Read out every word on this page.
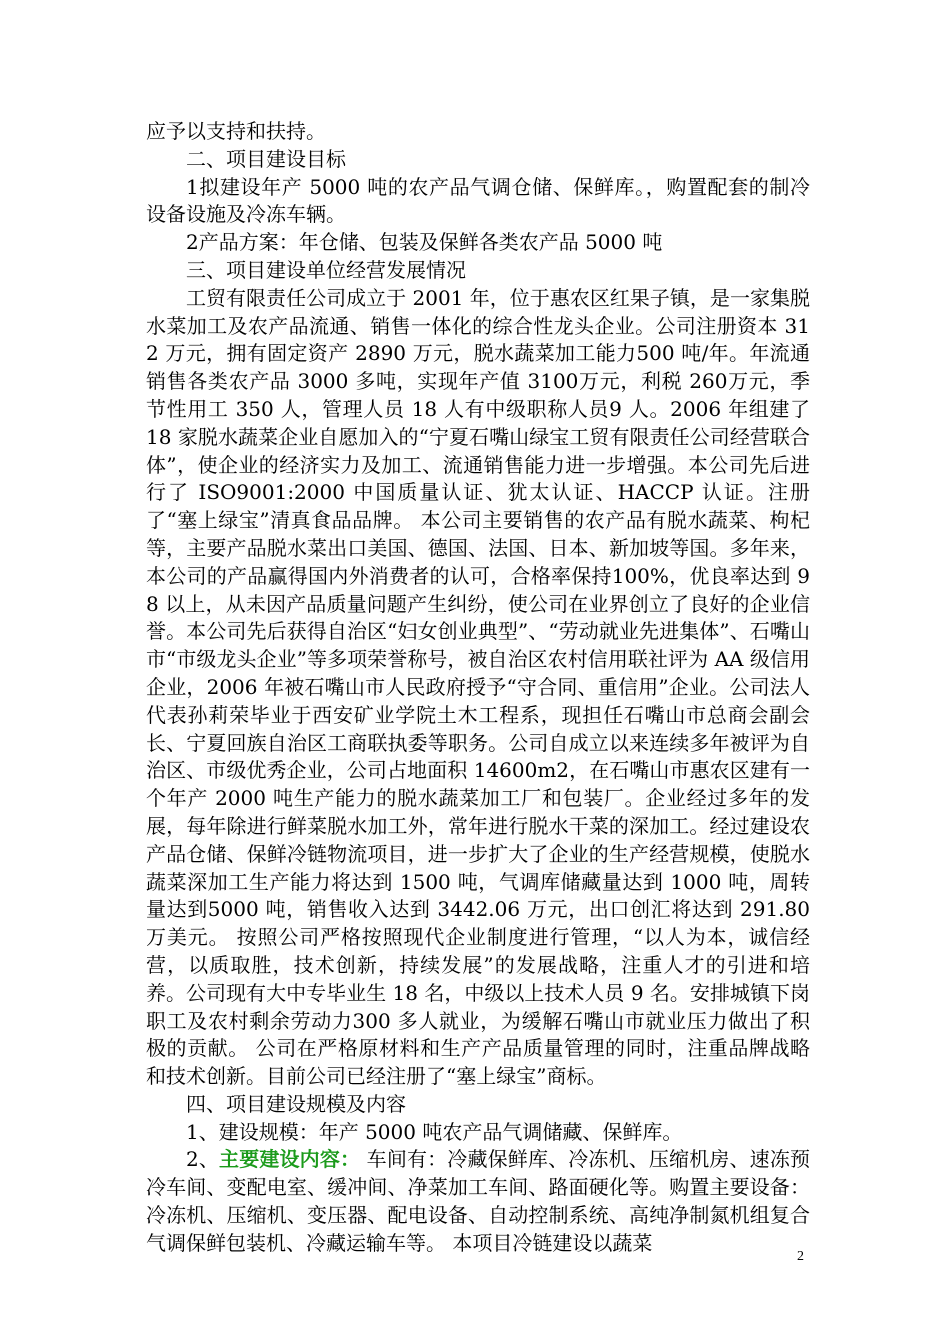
应予以支持和扶持。

二、项目建设目标

1拟建设年产 5000 吨的农产品气调仓储、保鲜库。，购置配套的制冷设备设施及冷冻车辆。

2产品方案：年仓储、包装及保鲜各类农产品 5000 吨

三、项目建设单位经营发展情况

工贸有限责任公司成立于 2001 年，位于惠农区红果子镇，是一家集脱水菜加工及农产品流通、销售一体化的综合性龙头企业。公司注册资本 312 万元，拥有固定资产 2890 万元，脱水蔬菜加工能力500 吨/年。年流通销售各类农产品 3000 多吨，实现年产值 3100万元，利税 260万元，季节性用工 350 人，管理人员 18 人有中级职称人员9 人。2006 年组建了 18 家脱水蔬菜企业自愿加入的“宁夏石嘴山绿宝工贸有限责任公司经营联合体”，使企业的经济实力及加工、流通销售能力进一步增强。本公司先后进行了 ISO9001:2000 中国质量认证、犹太认证、HACCP 认证。注册了“塞上绿宝”清真食品品牌。 本公司主要销售的农产品有脱水蔬菜、枸杞等，主要产品脱水菜出口美国、德国、法国、日本、新加坡等国。多年来，本公司的产品赢得国内外消费者的认可，合格率保持100%，优良率达到 98 以上，从未因产品质量问题产生纠纷，使公司在业界创立了良好的企业信誉。本公司先后获得自治区“妇女创业典型”、“劳动就业先进集体”、石嘴山市“市级龙头企业”等多项荣誉称号，被自治区农村信用联社评为 AA 级信用企业，2006 年被石嘴山市人民政府授予“守合同、重信用”企业。公司法人代表孙莉荣毕业于西安矿业学院土木工程系，现担任石嘴山市总商会副会长、宁夏回族自治区工商联执委等职务。公司自成立以来连续多年被评为自治区、市级优秀企业，公司占地面积 14600m2，在石嘴山市惠农区建有一个年产 2000 吨生产能力的脱水蔬菜加工厂和包装厂。企业经过多年的发展，每年除进行鲜菜脱水加工外，常年进行脱水干菜的深加工。经过建设农产品仓储、保鲜冷链物流项目，进一步扩大了企业的生产经营规模，使脱水蔬菜深加工生产能力将达到 1500 吨，气调库储藏量达到 1000 吨，周转量达到5000 吨，销售收入达到 3442.06 万元，出口创汇将达到 291.80 万美元。 按照公司严格按照现代企业制度进行管理，“以人为本，诚信经营，以质取胜，技术创新，持续发展”的发展战略，注重人才的引进和培养。公司现有大中专毕业生 18 名，中级以上技术人员 9 名。安排城镇下岗职工及农村剩余劳动力300 多人就业，为缓解石嘴山市就业压力做出了积极的贡献。 公司在严格原材料和生产产品质量管理的同时，注重品牌战略和技术创新。目前公司已经注册了“塞上绿宝”商标。

四、项目建设规模及内容

1、建设规模：年产 5000 吨农产品气调储藏、保鲜库。

2、主要建设内容： 车间有：冷藏保鲜库、冷冻机、压缩机房、速冻预冷车间、变配电室、缓冲间、净菜加工车间、路面硬化等。购置主要设备：冷冻机、压缩机、变压器、配电设备、自动控制系统、高纯净制氮机组复合气调保鲜包装机、冷藏运输车等。 本项目冷链建设以蔬菜

2
